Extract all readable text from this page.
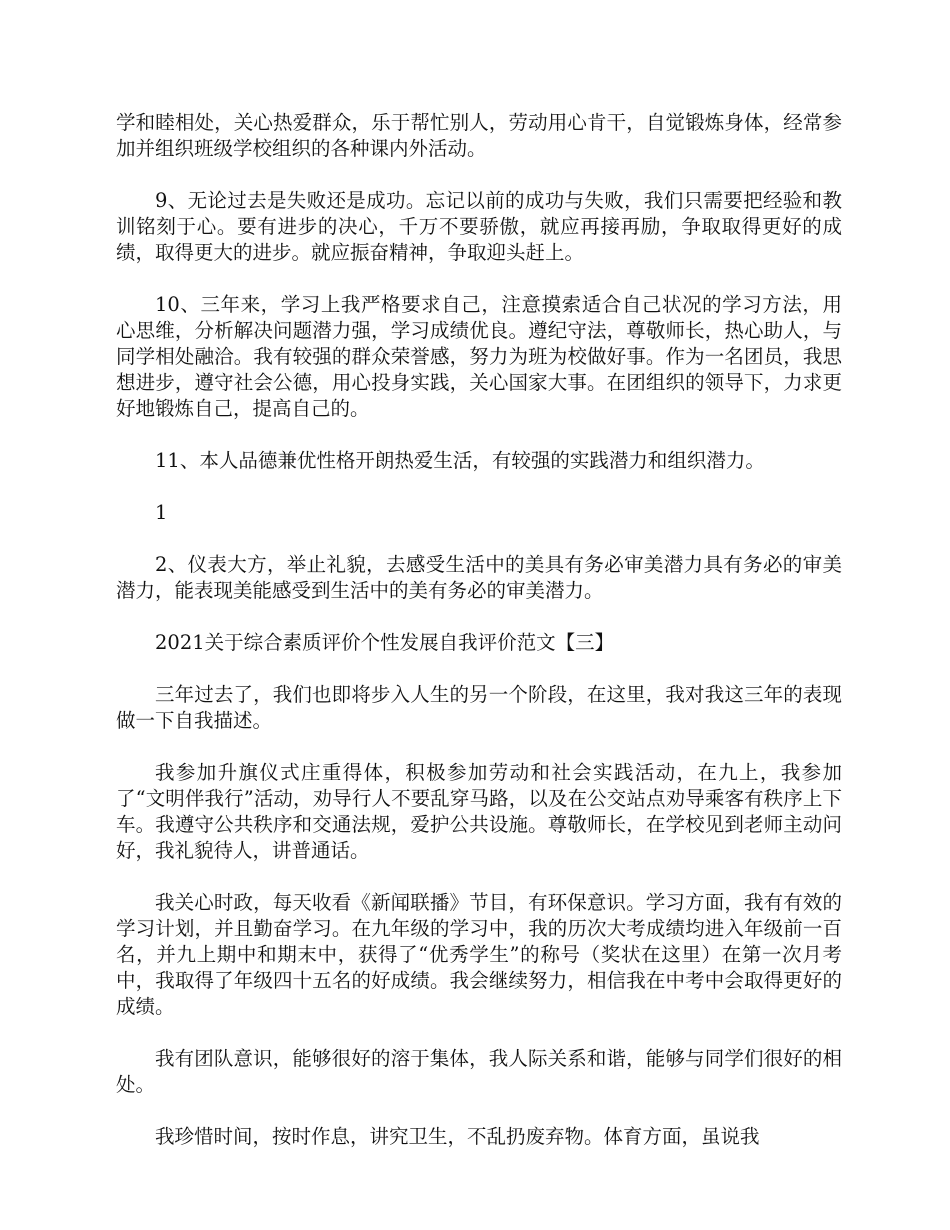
学和睦相处，关心热爱群众，乐于帮忙别人，劳动用心肯干，自觉锻炼身体，经常参加并组织班级学校组织的各种课内外活动。

9、无论过去是失败还是成功。忘记以前的成功与失败，我们只需要把经验和教训铭刻于心。要有进步的决心，千万不要骄傲，就应再接再励，争取取得更好的成绩，取得更大的进步。就应振奋精神，争取迎头赶上。

10、三年来，学习上我严格要求自己，注意摸索适合自己状况的学习方法，用心思维，分析解决问题潜力强，学习成绩优良。遵纪守法，尊敬师长，热心助人，与同学相处融洽。我有较强的群众荣誉感，努力为班为校做好事。作为一名团员，我思想进步，遵守社会公德，用心投身实践，关心国家大事。在团组织的领导下，力求更好地锻炼自己，提高自己的。

11、本人品德兼优性格开朗热爱生活，有较强的实践潜力和组织潜力。

1

2、仪表大方，举止礼貌，去感受生活中的美具有务必审美潜力具有务必的审美潜力，能表现美能感受到生活中的美有务必的审美潜力。

2021关于综合素质评价个性发展自我评价范文【三】

三年过去了，我们也即将步入人生的另一个阶段，在这里，我对我这三年的表现做一下自我描述。

我参加升旗仪式庄重得体，积极参加劳动和社会实践活动，在九上，我参加了“文明伴我行”活动，劝导行人不要乱穿马路，以及在公交站点劝导乘客有秩序上下车。我遵守公共秩序和交通法规，爱护公共设施。尊敬师长，在学校见到老师主动问好，我礼貌待人，讲普通话。

我关心时政，每天收看《新闻联播》节目，有环保意识。学习方面，我有有效的学习计划，并且勤奋学习。在九年级的学习中，我的历次大考成绩均进入年级前一百名，并九上期中和期末中，获得了“优秀学生”的称号（奖状在这里）在第一次月考中，我取得了年级四十五名的好成绩。我会继续努力，相信我在中考中会取得更好的成绩。

我有团队意识，能够很好的溶于集体，我人际关系和谐，能够与同学们很好的相处。

我珍惜时间，按时作息，讲究卫生，不乱扔废弃物。体育方面，虽说我
